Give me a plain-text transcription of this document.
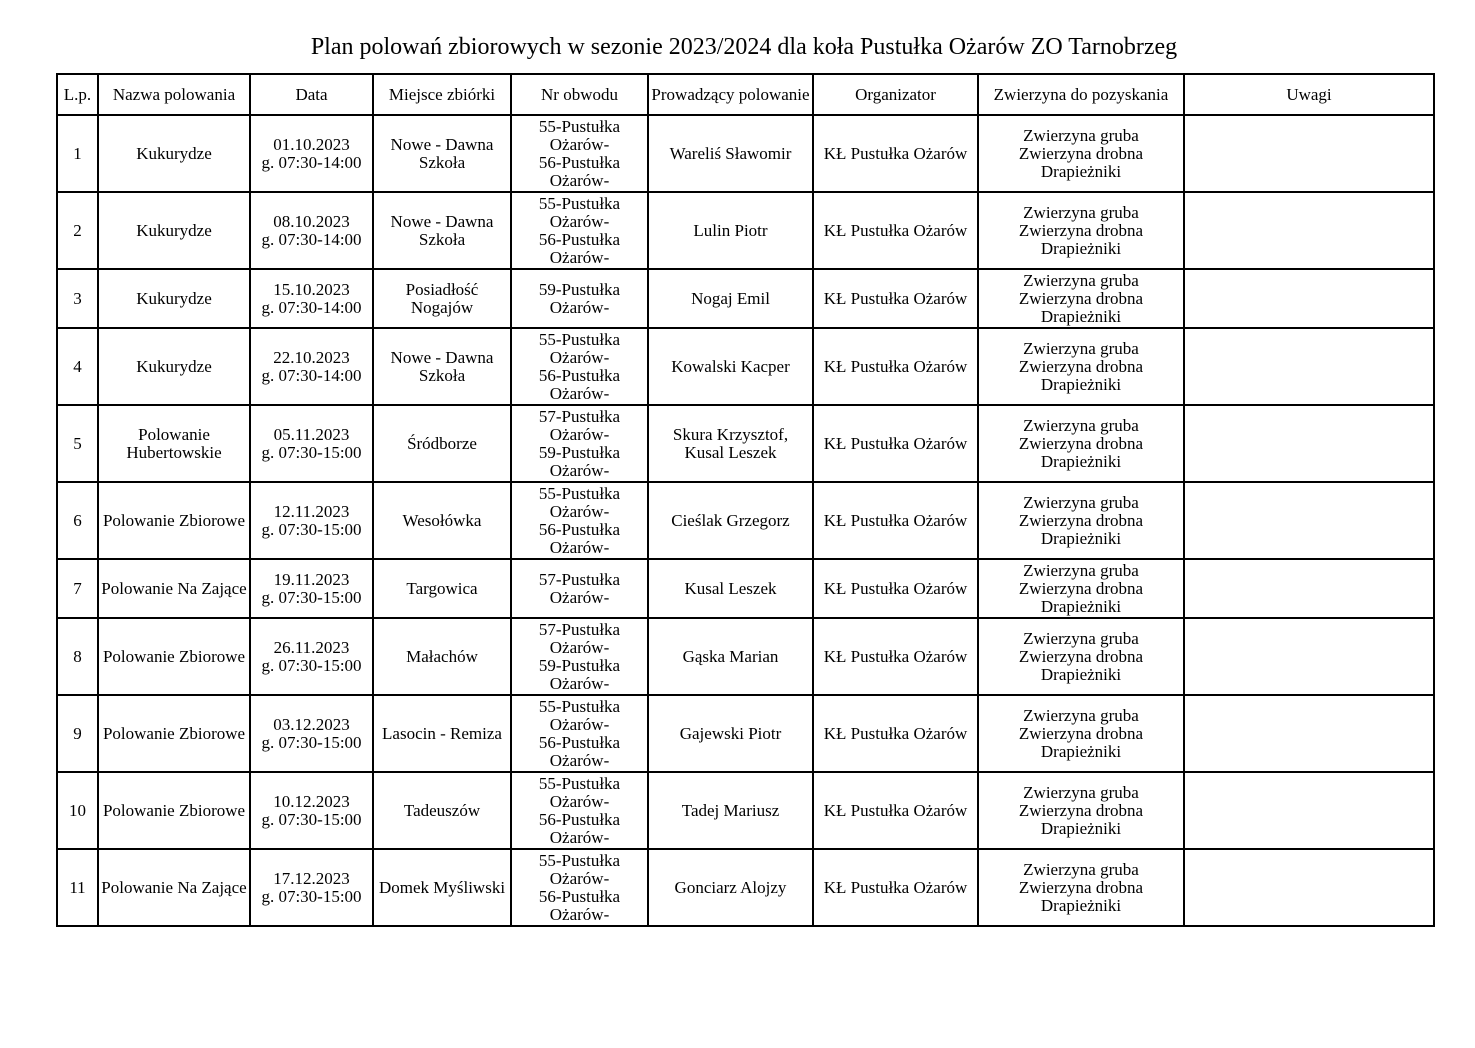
Plan polowań zbiorowych w sezonie 2023/2024 dla koła Pustułka Ożarów ZO Tarnobrzeg
L.p.	Nazwa polowania	Data	Miejsce zbiórki	Nr obwodu	Prowadzący polowanie	Organizator	Zwierzyna do pozyskania	Uwagi

1	Kukurydze	01.10.2023
g. 07:30-14:00	Nowe - Dawna Szkoła	55-Pustułka
Ożarów-
56-Pustułka
Ożarów-	Wareliś Sławomir	KŁ Pustułka Ożarów	Zwierzyna gruba
Zwierzyna drobna
Drapieżniki	

2	Kukurydze	08.10.2023
g. 07:30-14:00	Nowe - Dawna Szkoła	55-Pustułka
Ożarów-
56-Pustułka
Ożarów-	Lulin Piotr	KŁ Pustułka Ożarów	Zwierzyna gruba
Zwierzyna drobna
Drapieżniki	

3	Kukurydze	15.10.2023
g. 07:30-14:00	Posiadłość Nogajów	59-Pustułka
Ożarów-	Nogaj Emil	KŁ Pustułka Ożarów	Zwierzyna gruba
Zwierzyna drobna
Drapieżniki	

4	Kukurydze	22.10.2023
g. 07:30-14:00	Nowe - Dawna Szkoła	55-Pustułka
Ożarów-
56-Pustułka
Ożarów-	Kowalski Kacper	KŁ Pustułka Ożarów	Zwierzyna gruba
Zwierzyna drobna
Drapieżniki	

5	Polowanie Hubertowskie	05.11.2023
g. 07:30-15:00	Śródborze	57-Pustułka
Ożarów-
59-Pustułka
Ożarów-	Skura Krzysztof, Kusal Leszek	KŁ Pustułka Ożarów	Zwierzyna gruba
Zwierzyna drobna
Drapieżniki	

6	Polowanie Zbiorowe	12.11.2023
g. 07:30-15:00	Wesołówka	55-Pustułka
Ożarów-
56-Pustułka
Ożarów-	Cieślak Grzegorz	KŁ Pustułka Ożarów	Zwierzyna gruba
Zwierzyna drobna
Drapieżniki	

7	Polowanie Na Zające	19.11.2023
g. 07:30-15:00	Targowica	57-Pustułka
Ożarów-	Kusal Leszek	KŁ Pustułka Ożarów	Zwierzyna gruba
Zwierzyna drobna
Drapieżniki	

8	Polowanie Zbiorowe	26.11.2023
g. 07:30-15:00	Małachów	57-Pustułka
Ożarów-
59-Pustułka
Ożarów-	Gąska Marian	KŁ Pustułka Ożarów	Zwierzyna gruba
Zwierzyna drobna
Drapieżniki	

9	Polowanie Zbiorowe	03.12.2023
g. 07:30-15:00	Lasocin - Remiza	55-Pustułka
Ożarów-
56-Pustułka
Ożarów-	Gajewski Piotr	KŁ Pustułka Ożarów	Zwierzyna gruba
Zwierzyna drobna
Drapieżniki	

10	Polowanie Zbiorowe	10.12.2023
g. 07:30-15:00	Tadeuszów	55-Pustułka
Ożarów-
56-Pustułka
Ożarów-	Tadej Mariusz	KŁ Pustułka Ożarów	Zwierzyna gruba
Zwierzyna drobna
Drapieżniki	

11	Polowanie Na Zające	17.12.2023
g. 07:30-15:00	Domek Myśliwski	55-Pustułka
Ożarów-
56-Pustułka
Ożarów-	Gonciarz Alojzy	KŁ Pustułka Ożarów	Zwierzyna gruba
Zwierzyna drobna
Drapieżniki	
